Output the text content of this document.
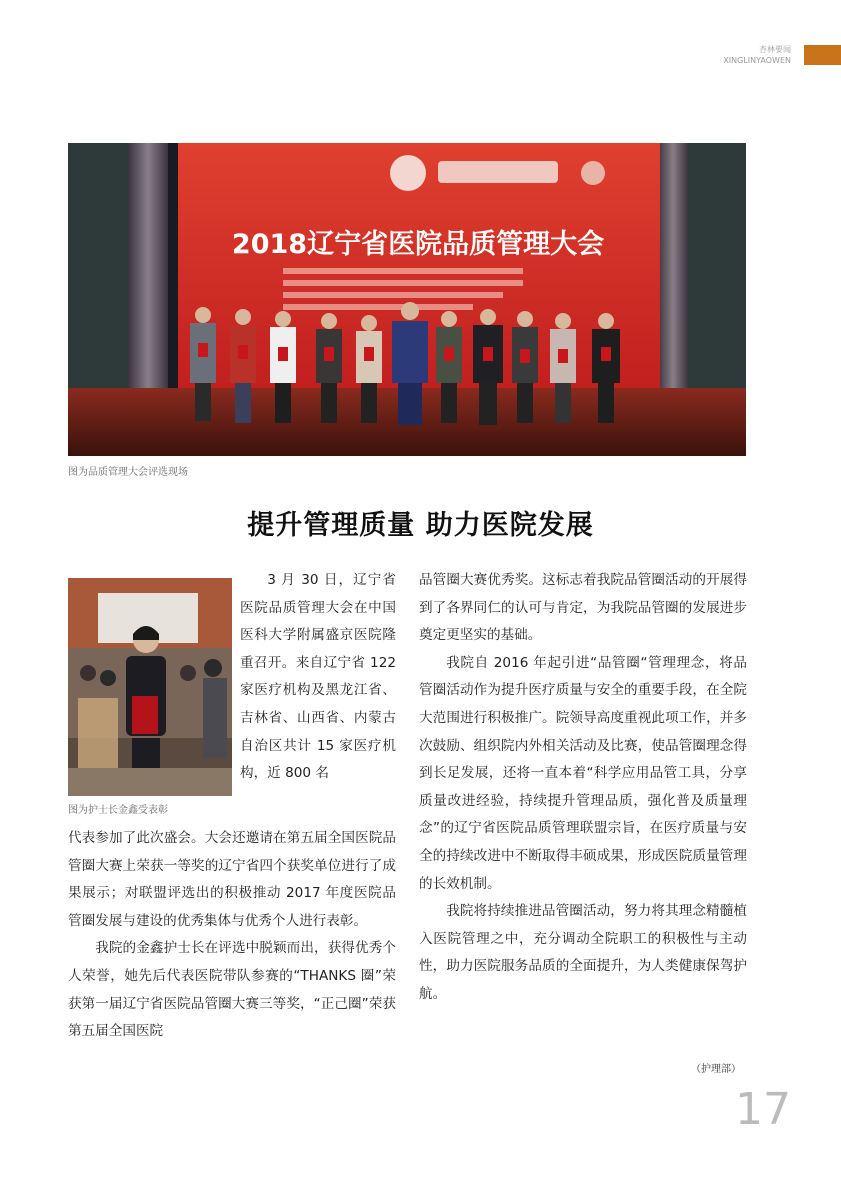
杏林要闻
XINGLINYAOWEN
2018辽宁省医院品质管理大会
图为品质管理大会评选现场
提升管理质量 助力医院发展
图为护士长金鑫受表彰

3 月 30 日，辽宁省医院品质管理大会在中国医科大学附属盛京医院隆重召开。来自辽宁省 122 家医疗机构及黑龙江省、吉林省、山西省、内蒙古自治区共计 15 家医疗机构，近 800 名

代表参加了此次盛会。大会还邀请在第五届全国医院品管圈大赛上荣获一等奖的辽宁省四个获奖单位进行了成果展示；对联盟评选出的积极推动 2017 年度医院品管圈发展与建设的优秀集体与优秀个人进行表彰。

我院的金鑫护士长在评选中脱颖而出，获得优秀个人荣誉，她先后代表医院带队参赛的“THANKS 圈”荣获第一届辽宁省医院品管圈大赛三等奖，“正己圈”荣获第五届全国医院

品管圈大赛优秀奖。这标志着我院品管圈活动的开展得到了各界同仁的认可与肯定，为我院品管圈的发展进步奠定更坚实的基础。

我院自 2016 年起引进“品管圈“管理理念，将品管圈活动作为提升医疗质量与安全的重要手段，在全院大范围进行积极推广。院领导高度重视此项工作，并多次鼓励、组织院内外相关活动及比赛，使品管圈理念得到长足发展，还将一直本着“科学应用品管工具，分享质量改进经验，持续提升管理品质，强化普及质量理念”的辽宁省医院品质管理联盟宗旨，在医疗质量与安全的持续改进中不断取得丰硕成果，形成医院质量管理的长效机制。

我院将持续推进品管圈活动，努力将其理念精髓植入医院管理之中，充分调动全院职工的积极性与主动性，助力医院服务品质的全面提升，为人类健康保驾护航。

（护理部）
17
